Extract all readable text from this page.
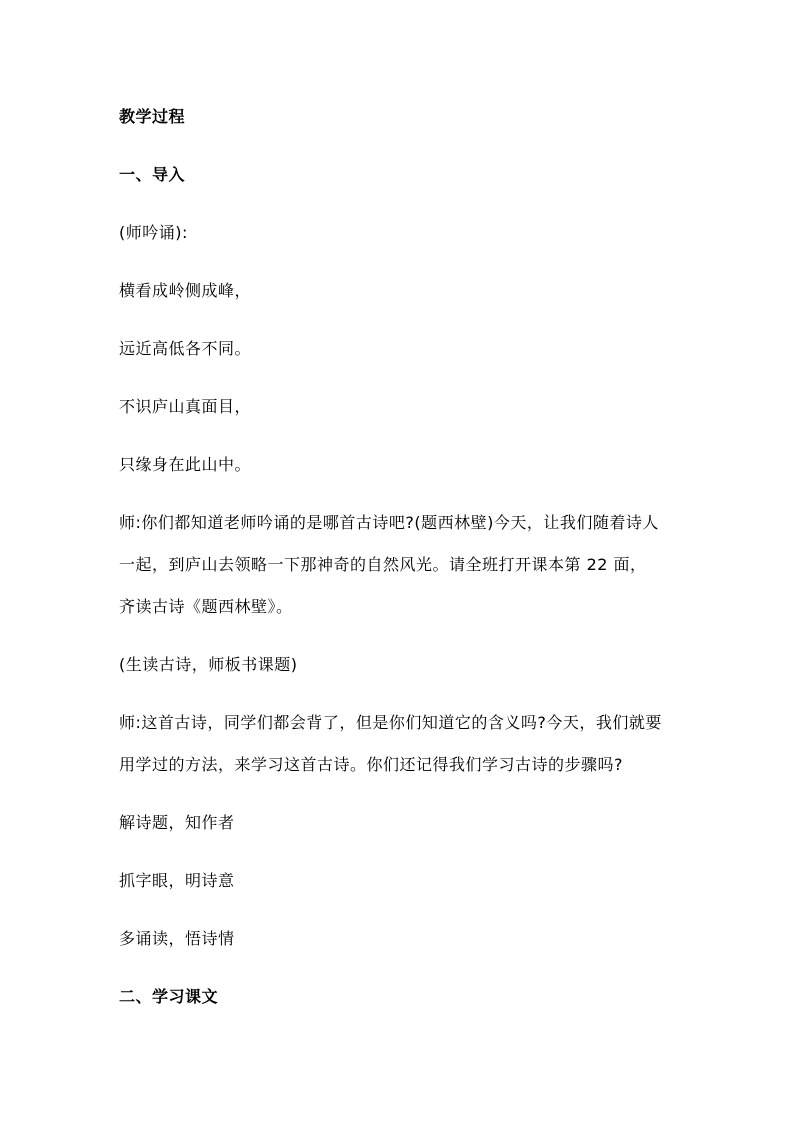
教学过程
一、导入
(师吟诵):
横看成岭侧成峰，
远近高低各不同。
不识庐山真面目，
只缘身在此山中。
师:你们都知道老师吟诵的是哪首古诗吧?(题西林壁)今天，让我们随着诗人
一起，到庐山去领略一下那神奇的自然风光。请全班打开课本第 22 面，
齐读古诗《题西林壁》。
(生读古诗，师板书课题)
师:这首古诗，同学们都会背了，但是你们知道它的含义吗?今天，我们就要
用学过的方法，来学习这首古诗。你们还记得我们学习古诗的步骤吗?
解诗题，知作者
抓字眼，明诗意
多诵读，悟诗情
二、学习课文
